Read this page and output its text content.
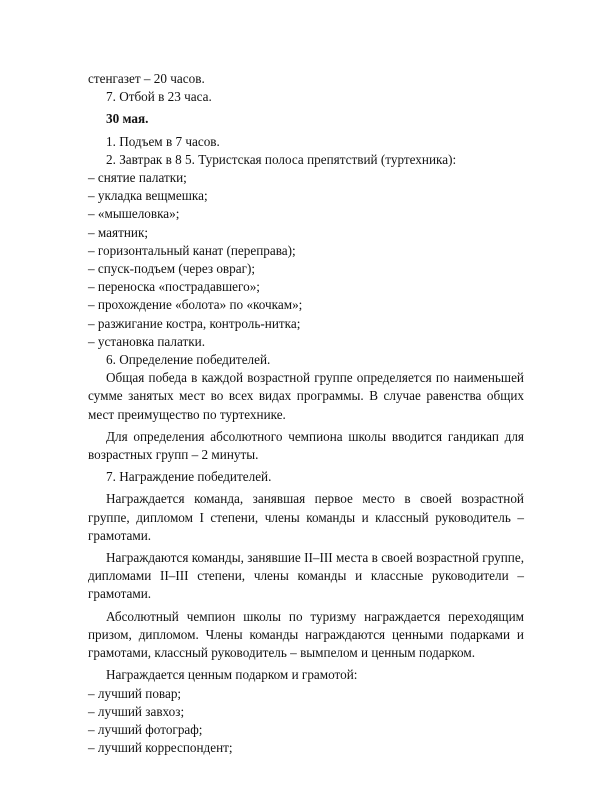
стенгазет – 20 часов.

7. Отбой в 23 часа.

30 мая.

1. Подъем в 7 часов.

2. Завтрак в 8 5. Туристская полоса препятствий (туртехника):

– снятие палатки;

– укладка вещмешка;

– «мышеловка»;

– маятник;

– горизонтальный канат (переправа);

– спуск-подъем (через овраг);

– переноска «пострадавшего»;

– прохождение «болота» по «кочкам»;

– разжигание костра, контроль-нитка;

– установка палатки.

6. Определение победителей.

Общая победа в каждой возрастной группе определяется по наименьшей сумме занятых мест во всех видах программы. В случае равенства общих мест преимущество по туртехнике.

Для определения абсолютного чемпиона школы вводится гандикап для возрастных групп – 2 минуты.

7. Награждение победителей.

Награждается команда, занявшая первое место в своей возрастной группе, дипломом I степени, члены команды и классный руководитель – грамотами.

Награждаются команды, занявшие II–III места в своей возрастной группе, дипломами II–III степени, члены команды и классные руководители – грамотами.

Абсолютный чемпион школы по туризму награждается переходящим призом, дипломом. Члены команды награждаются ценными подарками и грамотами, классный руководитель – вымпелом и ценным подарком.

Награждается ценным подарком и грамотой:

– лучший повар;

– лучший завхоз;

– лучший фотограф;

– лучший корреспондент;
